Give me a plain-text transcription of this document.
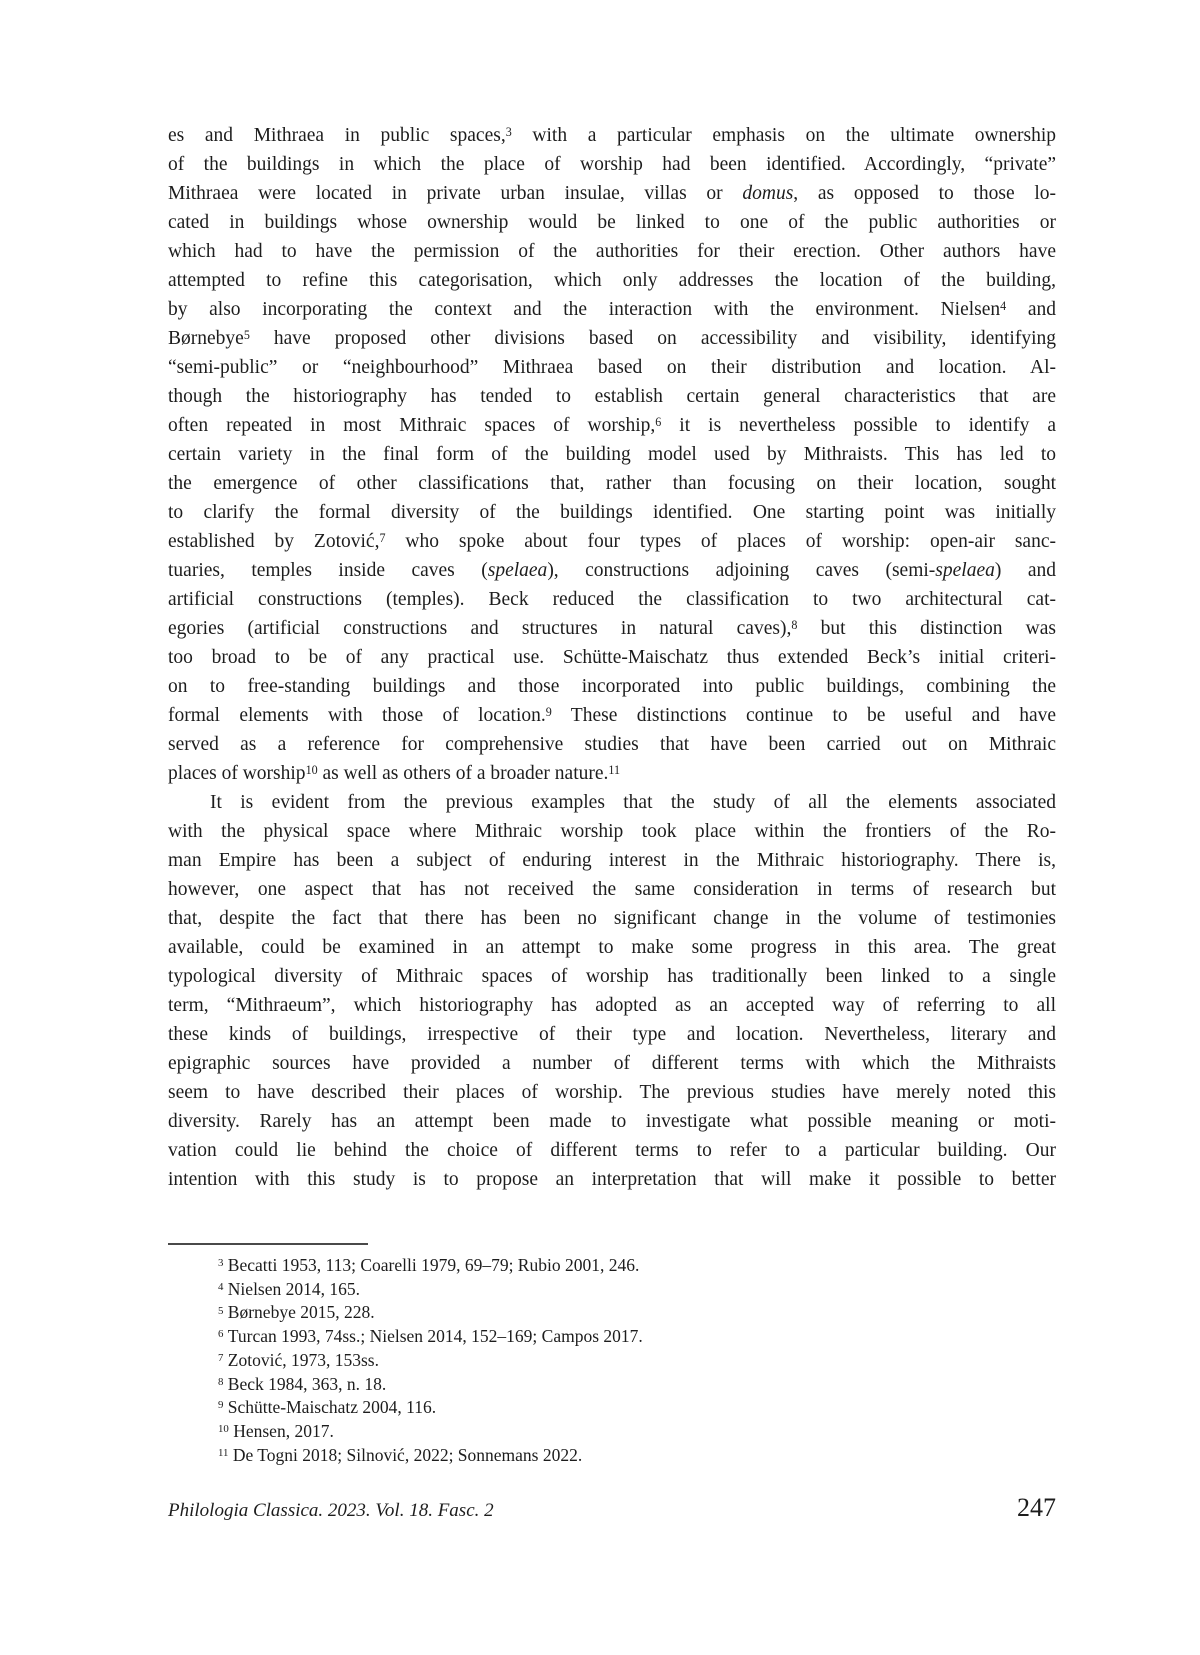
es and Mithraea in public spaces,$^3$ with a particular emphasis on the ultimate ownership
of the buildings in which the place of worship had been identified. Accordingly, “private”
Mithraea were located in private urban insulae, villas or domus, as opposed to those lo-
cated in buildings whose ownership would be linked to one of the public authorities or
which had to have the permission of the authorities for their erection. Other authors have
attempted to refine this categorisation, which only addresses the location of the building,
by also incorporating the context and the interaction with the environment. Nielsen$^4$ and
Børnebye$^5$ have proposed other divisions based on accessibility and visibility, identifying
“semi-public” or “neighbourhood” Mithraea based on their distribution and location. Al-
though the historiography has tended to establish certain general characteristics that are
often repeated in most Mithraic spaces of worship,$^6$ it is nevertheless possible to identify a
certain variety in the final form of the building model used by Mithraists. This has led to
the emergence of other classifications that, rather than focusing on their location, sought
to clarify the formal diversity of the buildings identified. One starting point was initially
established by Zotović,$^7$ who spoke about four types of places of worship: open-air sanc-
tuaries, temples inside caves (spelaea), constructions adjoining caves (semi-spelaea) and
artificial constructions (temples). Beck reduced the classification to two architectural cat-
egories (artificial constructions and structures in natural caves),$^8$ but this distinction was
too broad to be of any practical use. Schütte-Maischatz thus extended Beck’s initial criteri-
on to free-standing buildings and those incorporated into public buildings, combining the
formal elements with those of location.$^9$ These distinctions continue to be useful and have
served as a reference for comprehensive studies that have been carried out on Mithraic
places of worship$^{10}$ as well as others of a broader nature.$^{11}$
It is evident from the previous examples that the study of all the elements associated
with the physical space where Mithraic worship took place within the frontiers of the Ro-
man Empire has been a subject of enduring interest in the Mithraic historiography. There is,
however, one aspect that has not received the same consideration in terms of research but
that, despite the fact that there has been no significant change in the volume of testimonies
available, could be examined in an attempt to make some progress in this area. The great
typological diversity of Mithraic spaces of worship has traditionally been linked to a single
term, “Mithraeum”, which historiography has adopted as an accepted way of referring to all
these kinds of buildings, irrespective of their type and location. Nevertheless, literary and
epigraphic sources have provided a number of different terms with which the Mithraists
seem to have described their places of worship. The previous studies have merely noted this
diversity. Rarely has an attempt been made to investigate what possible meaning or moti-
vation could lie behind the choice of different terms to refer to a particular building. Our
intention with this study is to propose an interpretation that will make it possible to better
$^3$ Becatti 1953, 113; Coarelli 1979, 69–79; Rubio 2001, 246.
$^4$ Nielsen 2014, 165.
$^5$ Børnebye 2015, 228.
$^6$ Turcan 1993, 74ss.; Nielsen 2014, 152–169; Campos 2017.
$^7$ Zotović, 1973, 153ss.
$^8$ Beck 1984, 363, n. 18.
$^9$ Schütte-Maischatz 2004, 116.
$^{10}$ Hensen, 2017.
$^{11}$ De Togni 2018; Silnović, 2022; Sonnemans 2022.
Philologia Classica. 2023. Vol. 18. Fasc. 2	247
